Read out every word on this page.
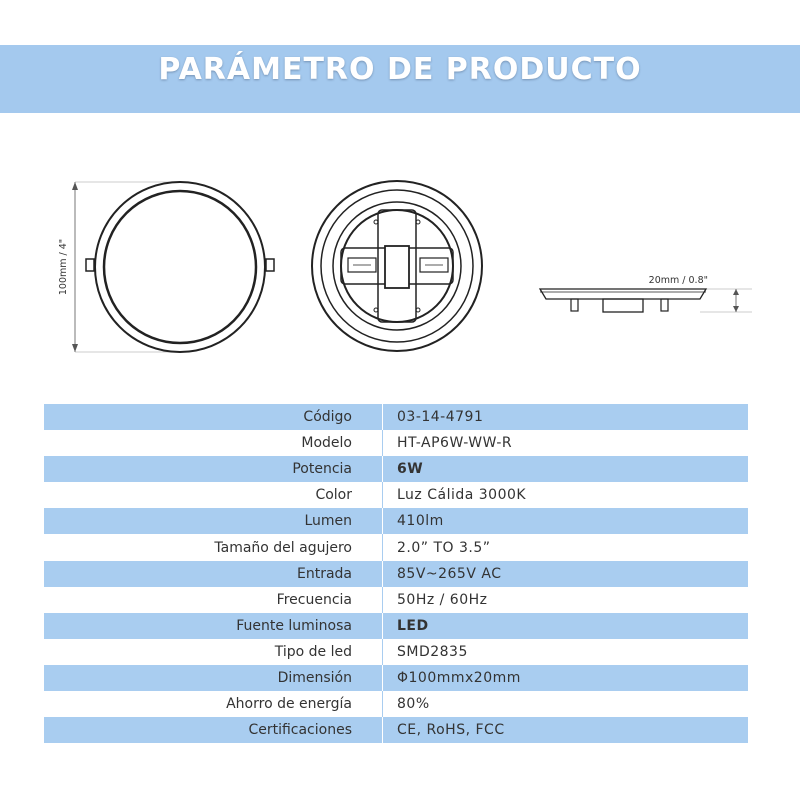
PARÁMETRO DE PRODUCTO
100mm / 4"	20mm / 0.8"
Código	03-14-4791
Modelo	HT-AP6W-WW-R
Potencia	6W
Color	Luz Cálida 3000K
Lumen	410lm
Tamaño del agujero	2.0” TO 3.5”
Entrada	85V~265V AC
Frecuencia	50Hz / 60Hz
Fuente luminosa	LED
Tipo de led	SMD2835
Dimensión	Φ100mmx20mm
Ahorro de energía	80%
Certificaciones	CE, RoHS, FCC
